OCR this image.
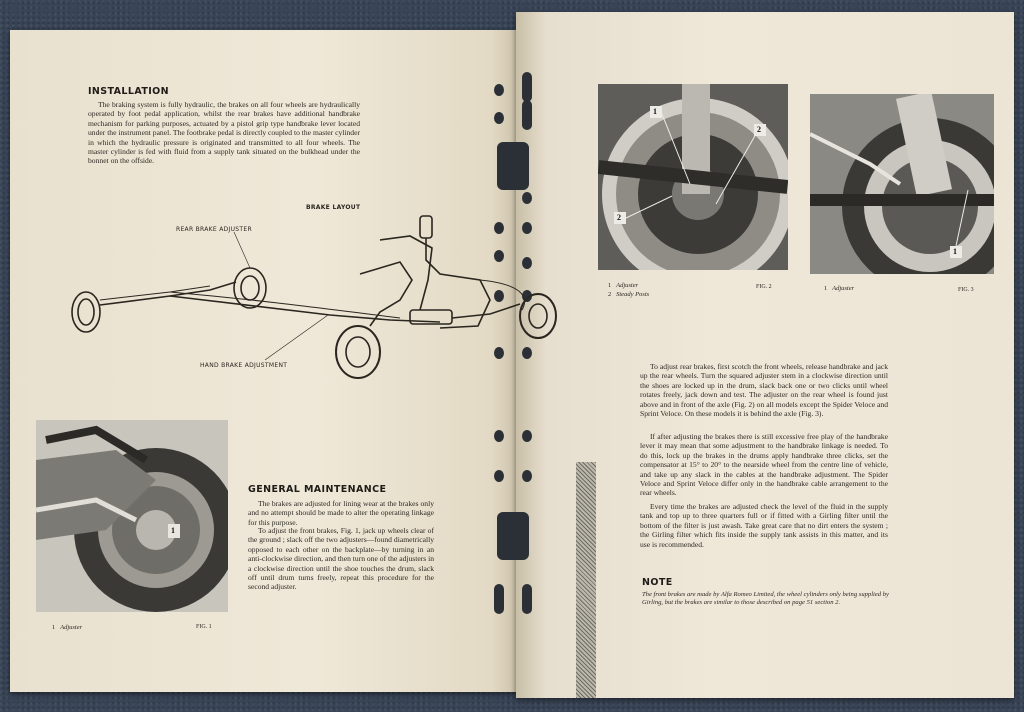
INSTALLATION

The braking system is fully hydraulic, the brakes on all four wheels are hydraulically operated by foot pedal application, whilst the rear brakes have additional handbrake mechanism for parking purposes, actuated by a pistol grip type handbrake lever located under the instrument panel. The footbrake pedal is directly coupled to the master cylinder in which the hydraulic pressure is originated and transmitted to all four wheels. The master cylinder is fed with fluid from a supply tank situated on the bulkhead under the bonnet on the offside.

BRAKE LAYOUT
REAR BRAKE ADJUSTER
HAND BRAKE ADJUSTMENT
1
1 Adjuster	FIG. 1
GENERAL MAINTENANCE

The brakes are adjusted for lining wear at the brakes only and no attempt should be made to alter the operating linkage for this purpose.

To adjust the front brakes, Fig. 1, jack up wheels clear of the ground ; slack off the two adjusters—found diametrically opposed to each other on the backplate—by turning in an anti-clockwise direction, and then turn one of the adjusters in a clockwise direction until the shoe touches the drum, slack off until drum turns freely, repeat this procedure for the second adjuster.

1
2
2
1 Adjuster
2 Steady Posts
FIG. 2
1
1 Adjuster	FIG. 3

To adjust rear brakes, first scotch the front wheels, release handbrake and jack up the rear wheels. Turn the squared adjuster stem in a clockwise direction until the shoes are locked up in the drum, slack back one or two clicks until wheel rotates freely, jack down and test. The adjuster on the rear wheel is found just above and in front of the axle (Fig. 2) on all models except the Spider Veloce and Sprint Veloce. On these models it is behind the axle (Fig. 3).

If after adjusting the brakes there is still excessive free play of the handbrake lever it may mean that some adjustment to the handbrake linkage is needed. To do this, lock up the brakes in the drums apply handbrake three clicks, set the compensator at 15° to 20° to the nearside wheel from the centre line of vehicle, and take up any slack in the cables at the handbrake adjustment. The Spider Veloce and Sprint Veloce differ only in the handbrake cable arrangement to the rear wheels.

Every time the brakes are adjusted check the level of the fluid in the supply tank and top up to three quarters full or if fitted with a Girling filter until the bottom of the filter is just awash. Take great care that no dirt enters the system ; the Girling filter which fits inside the supply tank assists in this matter, and its use is recommended.

NOTE
The front brakes are made by Alfa Romeo Limited, the wheel cylinders only being supplied by Girling, but the brakes are similar to those described on page 51 section 2.
